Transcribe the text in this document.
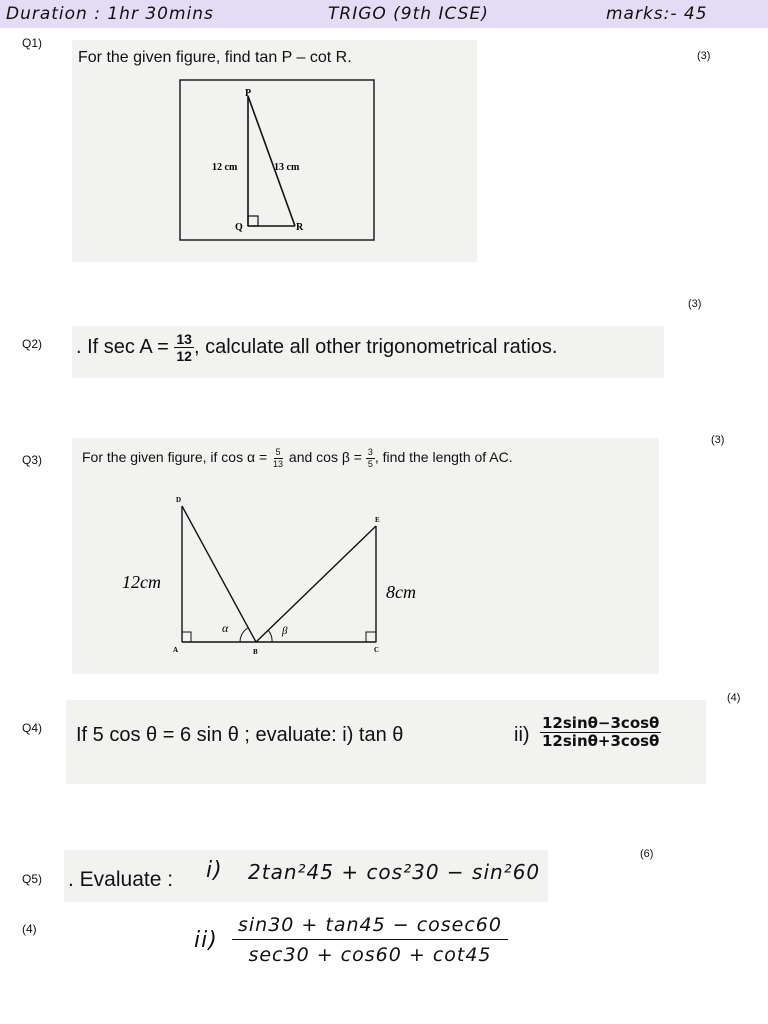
Duration : 1hr 30mins	TRIGO (9th ICSE)	marks:- 45
Q1)
For the given figure, find tan P – cot R.	(3)
P
Q	R
12 cm	13 cm
(3)
Q2) . If $\sec A = \frac{13}{12}$ , calculate all other trigonometrical ratios.
(3)
Q3)	For the given figure, if $\cos \alpha = \frac{5}{13}$ and $\cos \beta = \frac{3}{5}$ , find the length of AC.
D
E
A	B	C
α	β
12cm	8cm
(4)
Q4) If 5 cos θ = 6 sin θ ; evaluate: i) tan θ	$ii) \frac{12\sin\theta-3\cos\theta}{12\sin\theta+3\cos\theta}$
(6)
Q5) . Evaluate : i) 2tan²45 + cos²30 − sin²60
(4)	$ii) \frac{\sin 30 + \tan 45 - cosec60}{\sec 30 + \cos 60 + \cot 45}$
